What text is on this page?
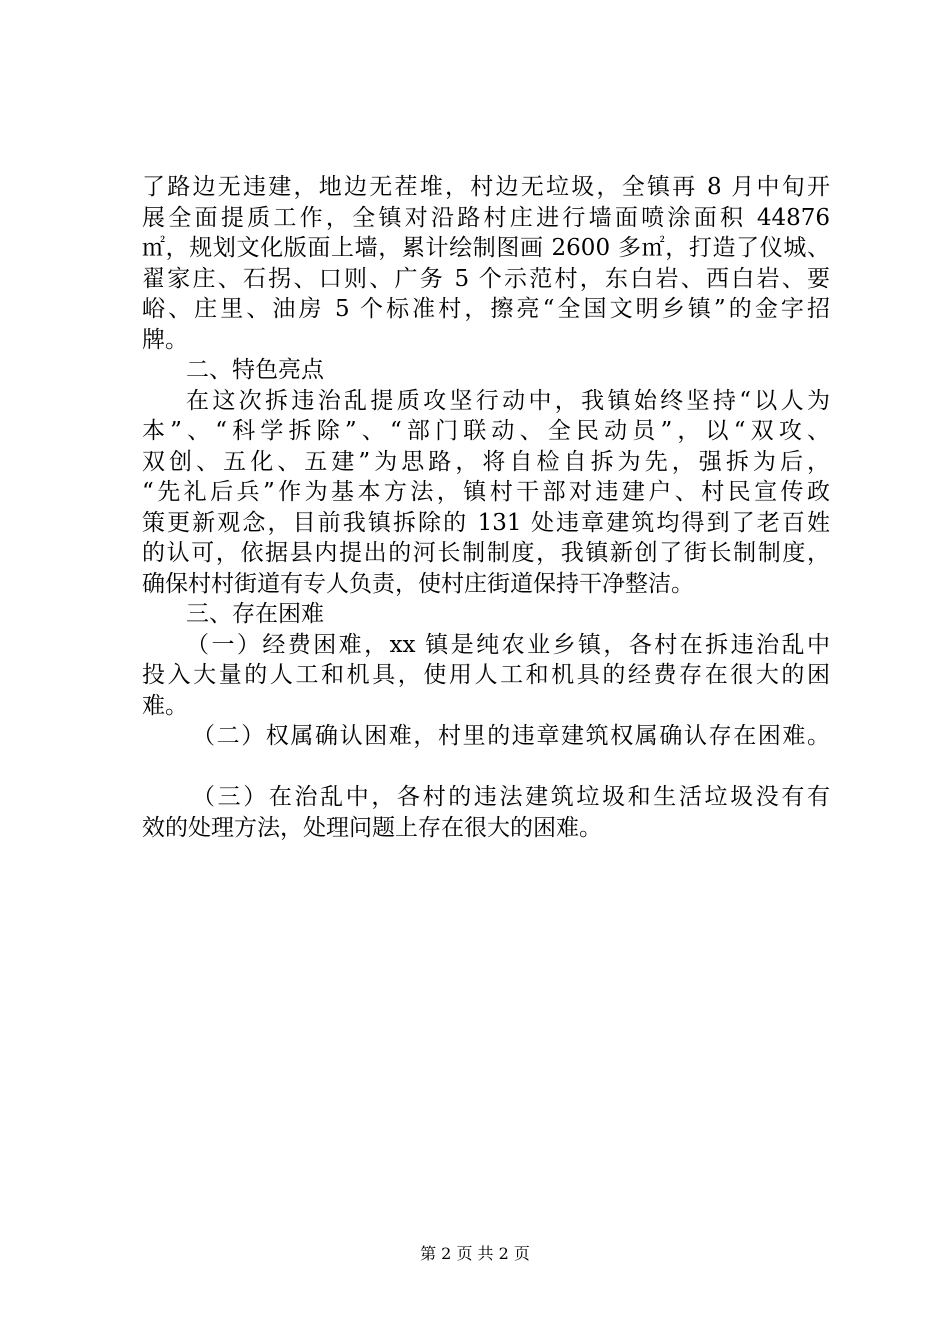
了路边无违建，地边无茬堆，村边无垃圾，全镇再 8 月中旬开
展全面提质工作，全镇对沿路村庄进行墙面喷涂面积 44876
㎡，规划文化版面上墙，累计绘制图画 2600 多㎡，打造了仪城、
翟家庄、石拐、口则、广务 5 个示范村，东白岩、西白岩、要
峪、庄里、油房 5 个标准村，擦亮“全国文明乡镇”的金字招
牌。
二、特色亮点
在这次拆违治乱提质攻坚行动中，我镇始终坚持“以人为
本”、“科学拆除”、“部门联动、全民动员”，以“双攻、
双创、五化、五建”为思路，将自检自拆为先，强拆为后，
“先礼后兵”作为基本方法，镇村干部对违建户、村民宣传政
策更新观念，目前我镇拆除的 131 处违章建筑均得到了老百姓
的认可，依据县内提出的河长制制度，我镇新创了街长制制度，
确保村村街道有专人负责，使村庄街道保持干净整洁。
三、存在困难
（一）经费困难，xx 镇是纯农业乡镇，各村在拆违治乱中
投入大量的人工和机具，使用人工和机具的经费存在很大的困
难。
（二）权属确认困难，村里的违章建筑权属确认存在困难。
（三）在治乱中，各村的违法建筑垃圾和生活垃圾没有有
效的处理方法，处理问题上存在很大的困难。
第 2 页 共 2 页
